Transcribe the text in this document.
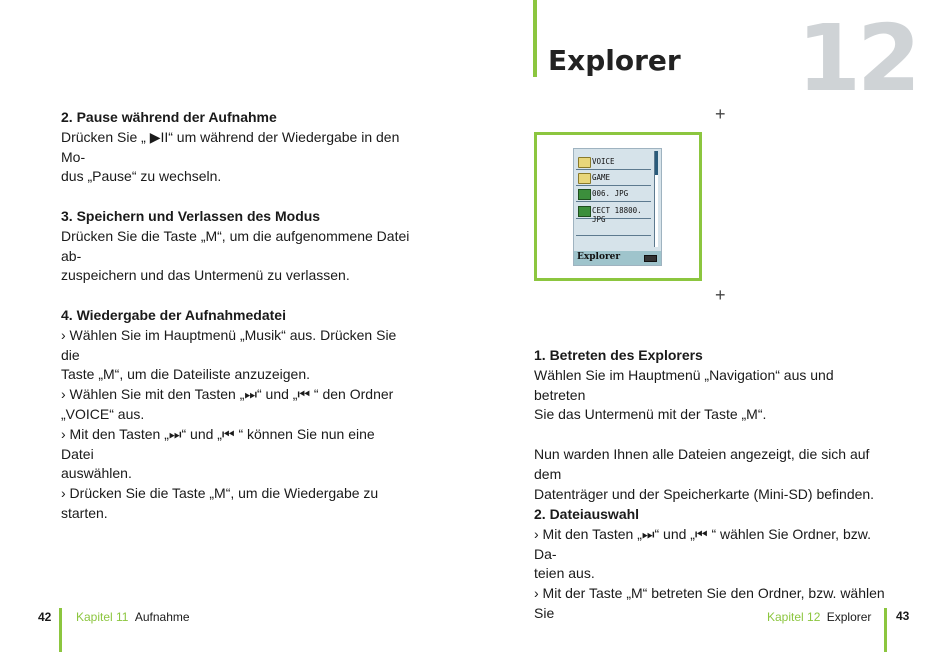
2. Pause während der Aufnahme
Drücken Sie „ ▶II“ um während der Wiedergabe in den Mo-
dus „Pause“ zu wechseln.
3. Speichern und Verlassen des Modus
Drücken Sie die Taste „M“, um die aufgenommene Datei ab-
zuspeichern und das Untermenü zu verlassen.
4. Wiedergabe der Aufnahmedatei
› Wählen Sie im Hauptmenü „Musik“ aus. Drücken Sie die
Taste „M“, um die Dateiliste anzuzeigen.
› Wählen Sie mit den Tasten „⏭“ und „⏮ “ den Ordner
„VOICE“ aus.
› Mit den Tasten „⏭“ und „⏮ “ können Sie nun eine Datei
auswählen.
› Drücken Sie die Taste „M“, um die Wiedergabe zu starten.
42 Kapitel 11 Aufnahme
12
Explorer
+
+
VOICE
GAME
006. JPG
CECT 18800. JPG
Explorer
1. Betreten des Explorers
Wählen Sie im Hauptmenü „Navigation“ aus und betreten
Sie das Untermenü mit der Taste „M“.

Nun warden Ihnen alle Dateien angezeigt, die sich auf dem
Datenträger und der Speicherkarte (Mini-SD) befinden.
2. Dateiauswahl
› Mit den Tasten „⏭“ und „⏮ “ wählen Sie Ordner, bzw. Da-
teien aus.
› Mit der Taste „M“ betreten Sie den Ordner, bzw. wählen Sie	Kapitel 12 Explorer 43
